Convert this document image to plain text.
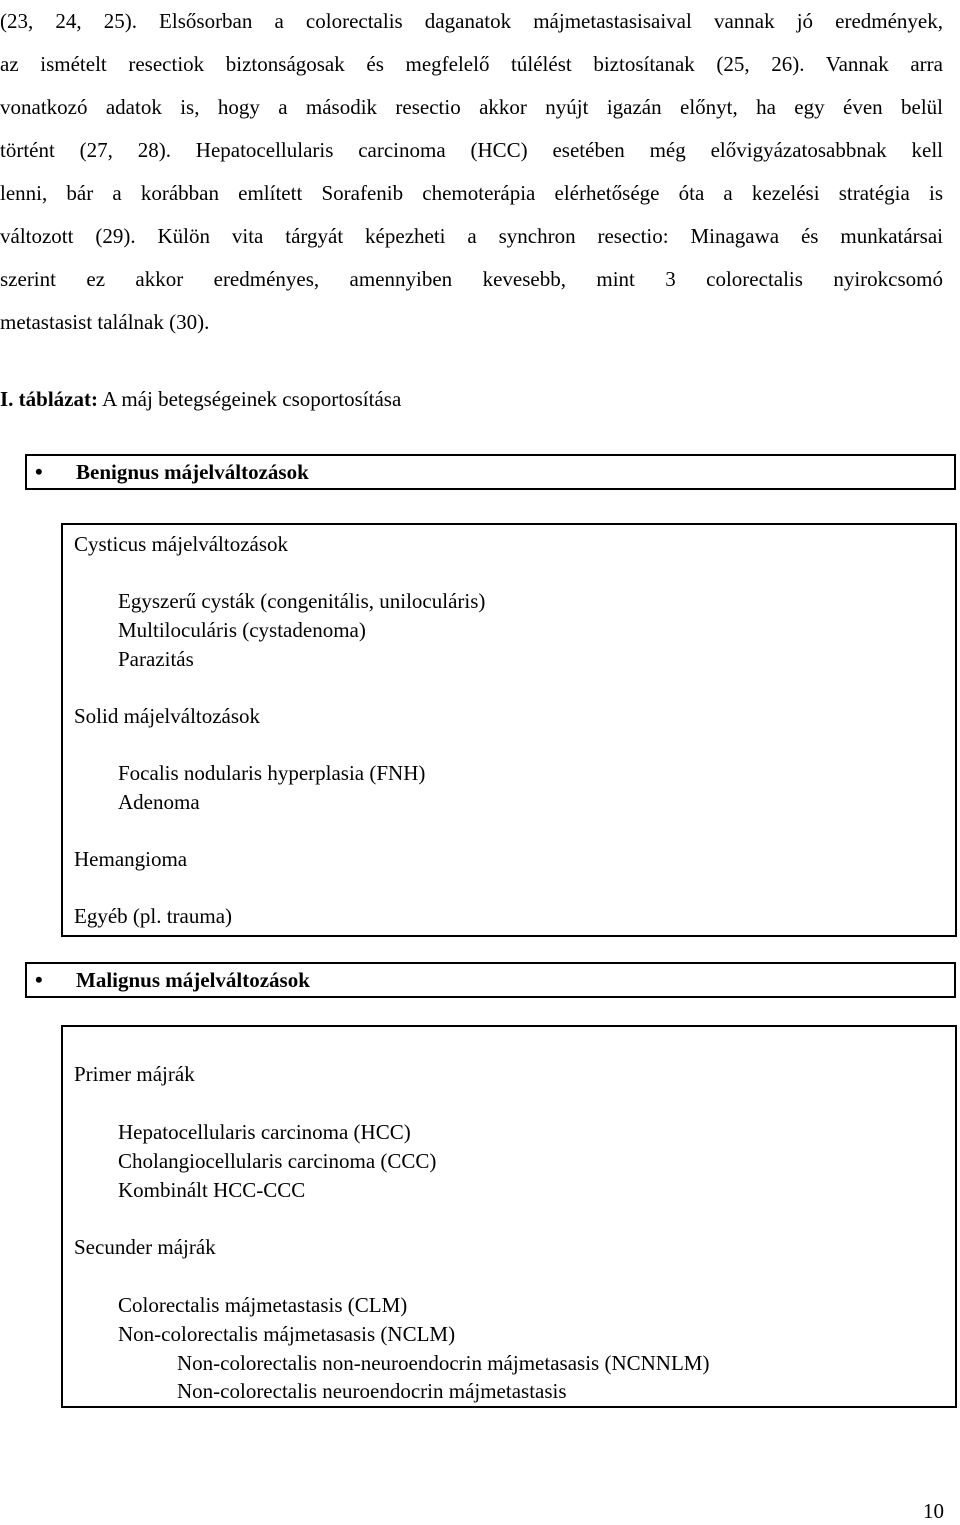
(23, 24, 25). Elsősorban a colorectalis daganatok májmetastasisaival vannak jó eredmények,
az ismételt resectiok biztonságosak és megfelelő túlélést biztosítanak (25, 26). Vannak arra
vonatkozó adatok is, hogy a második resectio akkor nyújt igazán előnyt, ha egy éven belül
történt (27, 28). Hepatocellularis carcinoma (HCC) esetében még elővigyázatosabbnak kell
lenni, bár a korábban említett Sorafenib chemoterápia elérhetősége óta a kezelési stratégia is
változott (29). Külön vita tárgyát képezheti a synchron resectio: Minagawa és munkatársai
szerint ez akkor eredményes, amennyiben kevesebb, mint 3 colorectalis nyirokcsomó
metastasist találnak (30).
I. táblázat: A máj betegségeinek csoportosítása
• Benignus májelváltozások
Cysticus májelváltozások
Egyszerű cysták (congenitális, uniloculáris)
Multiloculáris (cystadenoma)
Parazitás
Solid májelváltozások
Focalis nodularis hyperplasia (FNH)
Adenoma
Hemangioma
Egyéb (pl. trauma)
• Malignus májelváltozások
Primer májrák
Hepatocellularis carcinoma (HCC)
Cholangiocellularis carcinoma (CCC)
Kombinált HCC-CCC
Secunder májrák
Colorectalis májmetastasis (CLM)
Non-colorectalis májmetasasis (NCLM)
Non-colorectalis non-neuroendocrin májmetasasis (NCNNLM)
Non-colorectalis neuroendocrin májmetastasis
10
